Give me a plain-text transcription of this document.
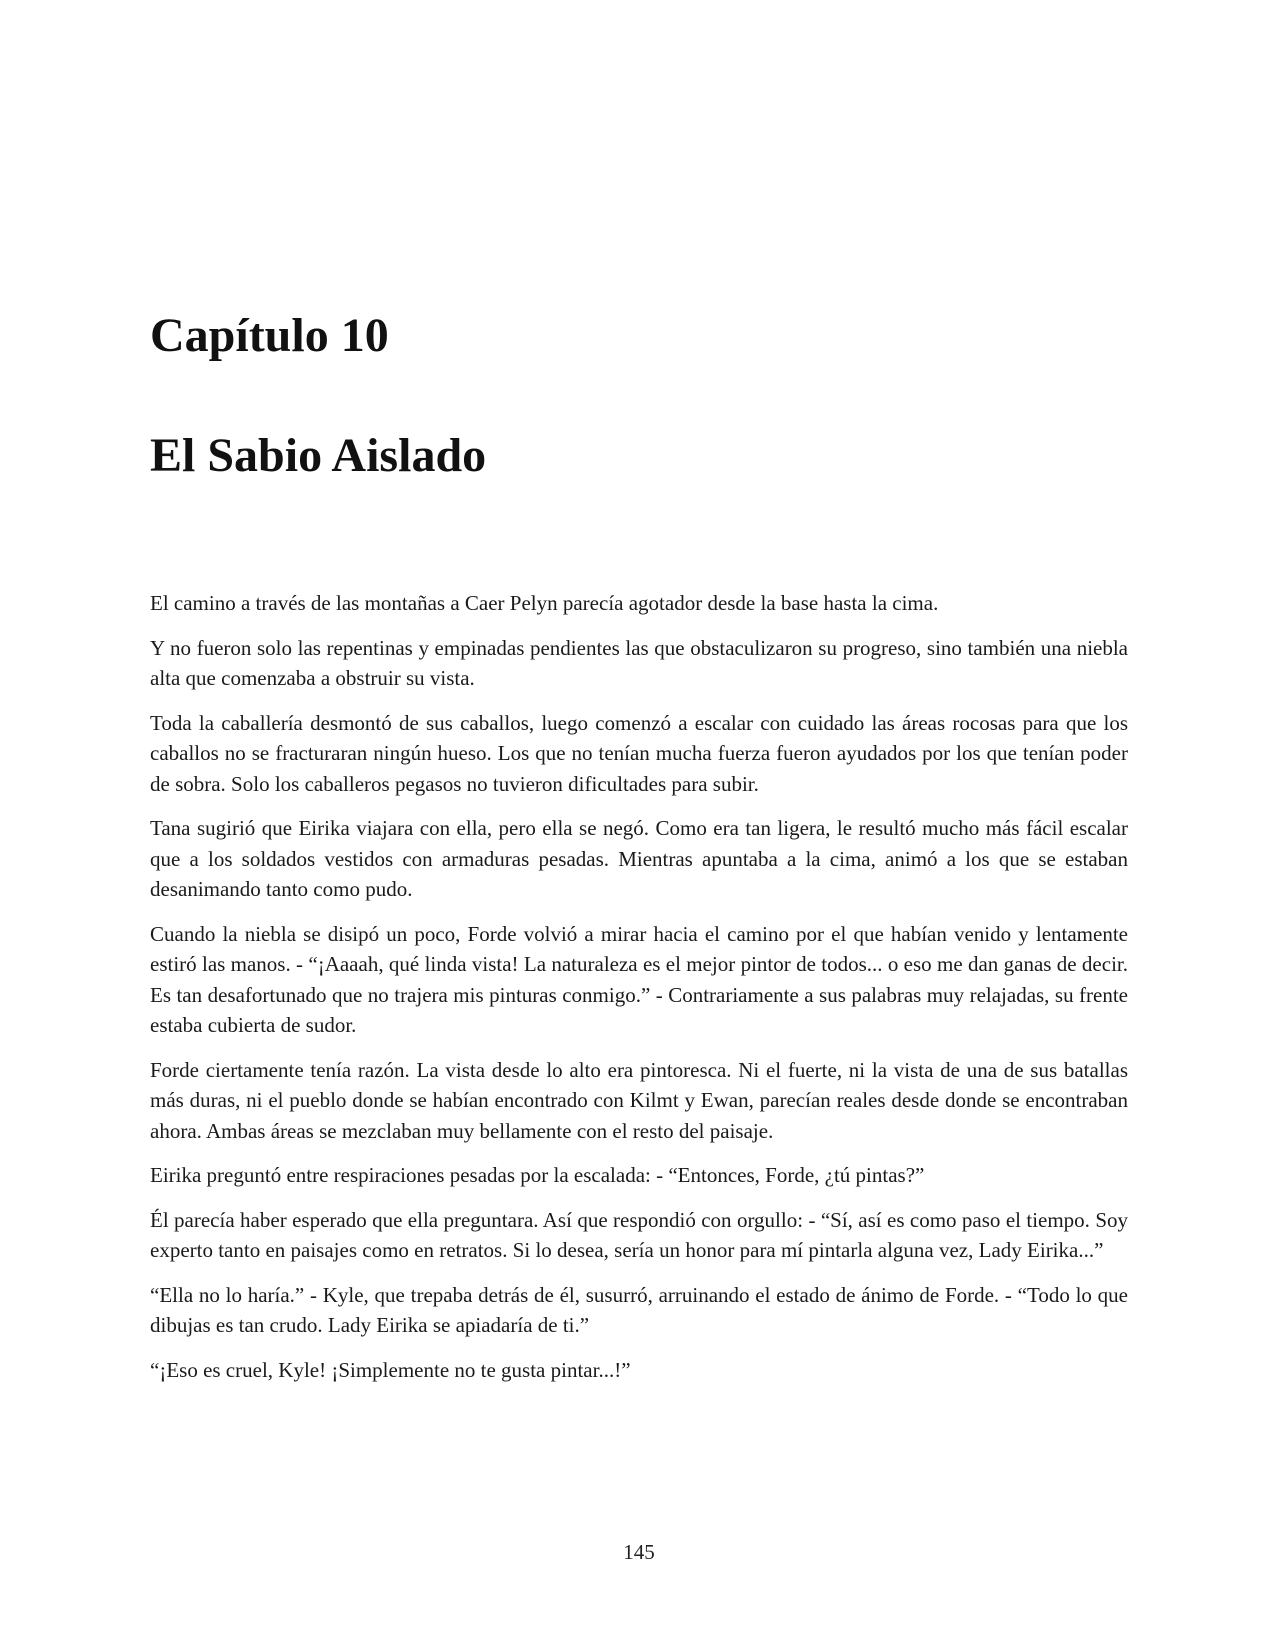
Capítulo 10
El Sabio Aislado

El camino a través de las montañas a Caer Pelyn parecía agotador desde la base hasta la cima.

Y no fueron solo las repentinas y empinadas pendientes las que obstaculizaron su progreso, sino también una niebla alta que comenzaba a obstruir su vista.

Toda la caballería desmontó de sus caballos, luego comenzó a escalar con cuidado las áreas rocosas para que los caballos no se fracturaran ningún hueso. Los que no tenían mucha fuerza fueron ayudados por los que tenían poder de sobra. Solo los caballeros pegasos no tuvieron dificultades para subir.

Tana sugirió que Eirika viajara con ella, pero ella se negó. Como era tan ligera, le resultó mucho más fácil escalar que a los soldados vestidos con armaduras pesadas. Mientras apuntaba a la cima, animó a los que se estaban desanimando tanto como pudo.

Cuando la niebla se disipó un poco, Forde volvió a mirar hacia el camino por el que habían venido y lentamente estiró las manos. - “¡Aaaah, qué linda vista! La naturaleza es el mejor pintor de todos... o eso me dan ganas de decir. Es tan desafortunado que no trajera mis pinturas conmigo.” - Contrariamente a sus palabras muy relajadas, su frente estaba cubierta de sudor.

Forde ciertamente tenía razón. La vista desde lo alto era pintoresca. Ni el fuerte, ni la vista de una de sus batallas más duras, ni el pueblo donde se habían encontrado con Kilmt y Ewan, parecían reales desde donde se encontraban ahora. Ambas áreas se mezclaban muy bellamente con el resto del paisaje.

Eirika preguntó entre respiraciones pesadas por la escalada: - “Entonces, Forde, ¿tú pintas?”

Él parecía haber esperado que ella preguntara. Así que respondió con orgullo: - “Sí, así es como paso el tiempo. Soy experto tanto en paisajes como en retratos. Si lo desea, sería un honor para mí pintarla alguna vez, Lady Eirika...”

“Ella no lo haría.” - Kyle, que trepaba detrás de él, susurró, arruinando el estado de ánimo de Forde. - “Todo lo que dibujas es tan crudo. Lady Eirika se apiadaría de ti.”

“¡Eso es cruel, Kyle! ¡Simplemente no te gusta pintar...!”

145
